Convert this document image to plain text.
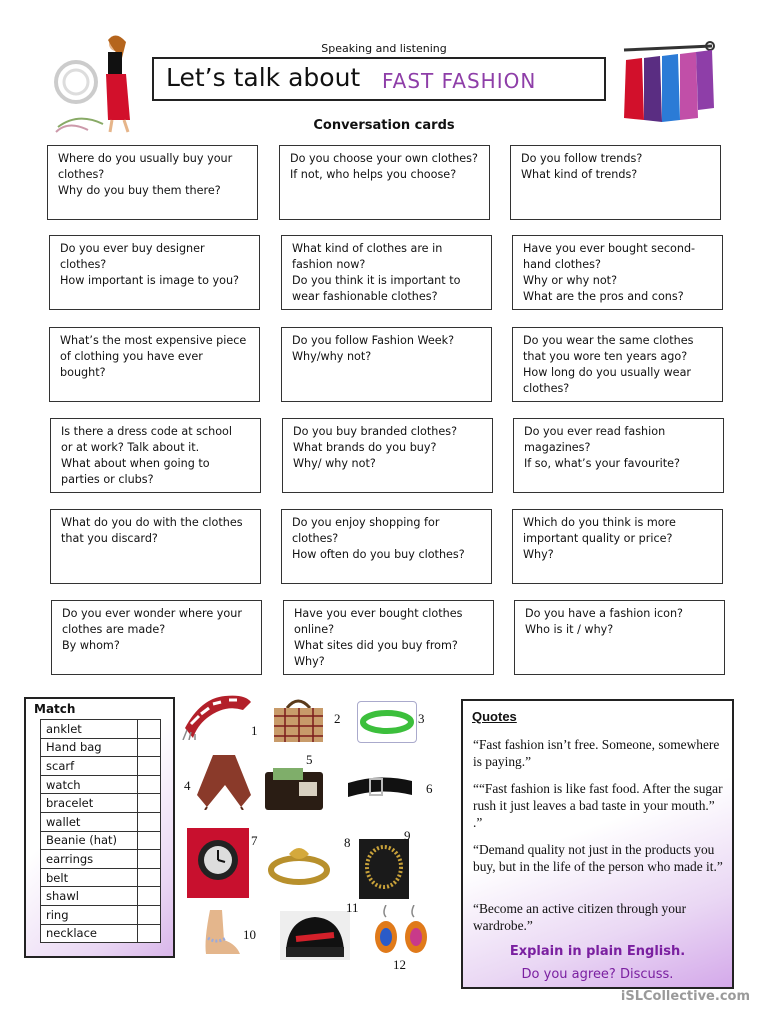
Speaking and listening
Let’s talk about FAST FASHION
Conversation cards
Where do you usually buy your
clothes?
Why do you buy them there?
Do you choose your own clothes?
If not, who helps you choose?
Do you follow trends?
What kind of trends?
Do you ever buy designer
clothes?
How important is image to you?
What kind of clothes are in
fashion now?
Do you think it is important to
wear fashionable clothes?
Have you ever bought second-
hand clothes?
Why or why not?
What are the pros and cons?
What’s the most expensive piece
of clothing you have ever
bought?
Do you follow Fashion Week?
Why/why not?
Do you wear the same clothes
that you wore ten years ago?
How long do you usually wear
clothes?
Is there a dress code at school
or at work? Talk about it.
What about when going to
parties or clubs?
Do you buy branded clothes?
What brands do you buy?
Why/ why not?
Do you ever read fashion
magazines?
If so, what’s your favourite?
What do you do with the clothes
that you discard?
Do you enjoy shopping for
clothes?
How often do you buy clothes?
Which do you think is more
important quality or price?
Why?
Do you ever wonder where your
clothes are made?
By whom?
Have you ever bought clothes
online?
What sites did you buy from?
Why?
Do you have a fashion icon?
Who is it / why?
Match
anklet	
Hand bag	
scarf	
watch	
bracelet	
wallet	
Beanie (hat)	
earrings	
belt	
shawl	
ring	
necklace	
1
2	3
4
5
6
7	8	9
10
11
12
Quotes
“Fast fashion isn’t free. Someone, somewhere is paying.”
““Fast fashion is like fast food. After the sugar rush it just leaves a bad taste in your mouth.” .”
“Demand quality not just in the products you buy, but in the life of the person who made it.”
“Become an active citizen through your wardrobe.”
Explain in plain English.
Do you agree? Discuss.
iSLCollective.com
